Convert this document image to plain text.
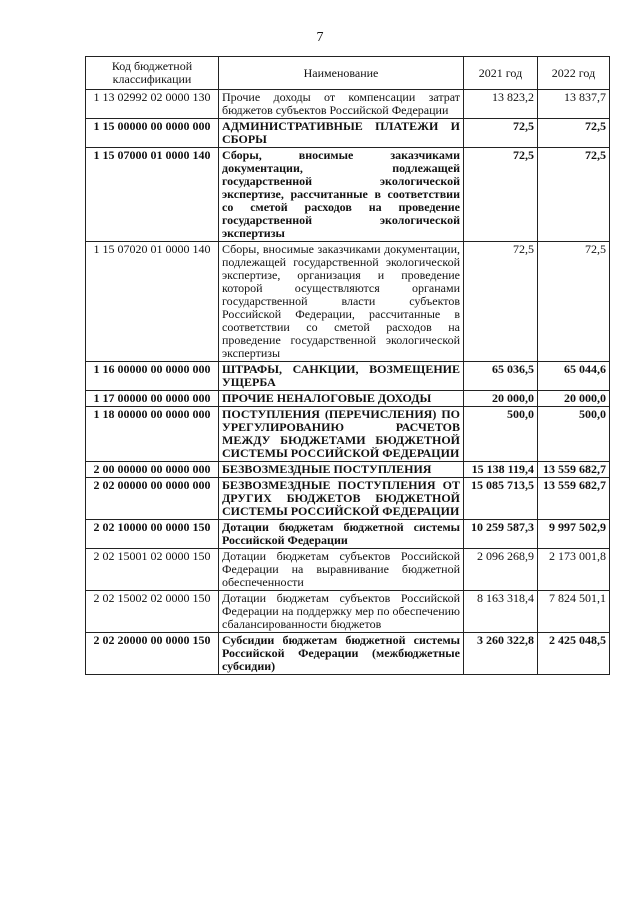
7
Код бюджетной классификации	Наименование	2021 год	2022 год
1 13 02992 02 0000 130	Прочие доходы от компенсации затрат бюджетов субъектов Российской Федерации	13 823,2	13 837,7
1 15 00000 00 0000 000	АДМИНИСТРАТИВНЫЕ ПЛАТЕЖИ И СБОРЫ	72,5	72,5
1 15 07000 01 0000 140	Сборы, вносимые заказчиками документации, подлежащей государственной экологической экспертизе, рассчитанные в соответствии со сметой расходов на проведение государственной экологической экспертизы	72,5	72,5
1 15 07020 01 0000 140	Сборы, вносимые заказчиками документации, подлежащей государственной экологической экспертизе, организация и проведение которой осуществляются органами государственной власти субъектов Российской Федерации, рассчитанные в соответствии со сметой расходов на проведение государственной экологической экспертизы	72,5	72,5
1 16 00000 00 0000 000	ШТРАФЫ, САНКЦИИ, ВОЗМЕЩЕНИЕ УЩЕРБА	65 036,5	65 044,6
1 17 00000 00 0000 000	ПРОЧИЕ НЕНАЛОГОВЫЕ ДОХОДЫ	20 000,0	20 000,0
1 18 00000 00 0000 000	ПОСТУПЛЕНИЯ (ПЕРЕЧИСЛЕНИЯ) ПО УРЕГУЛИРОВАНИЮ РАСЧЕТОВ МЕЖДУ БЮДЖЕТАМИ БЮДЖЕТНОЙ СИСТЕМЫ РОССИЙСКОЙ ФЕДЕРАЦИИ	500,0	500,0
2 00 00000 00 0000 000	БЕЗВОЗМЕЗДНЫЕ ПОСТУПЛЕНИЯ	15 138 119,4	13 559 682,7
2 02 00000 00 0000 000	БЕЗВОЗМЕЗДНЫЕ ПОСТУПЛЕНИЯ ОТ ДРУГИХ БЮДЖЕТОВ БЮДЖЕТНОЙ СИСТЕМЫ РОССИЙСКОЙ ФЕДЕРАЦИИ	15 085 713,5	13 559 682,7
2 02 10000 00 0000 150	Дотации бюджетам бюджетной системы Российской Федерации	10 259 587,3	9 997 502,9
2 02 15001 02 0000 150	Дотации бюджетам субъектов Российской Федерации на выравнивание бюджетной обеспеченности	2 096 268,9	2 173 001,8
2 02 15002 02 0000 150	Дотации бюджетам субъектов Российской Федерации на поддержку мер по обеспечению сбалансированности бюджетов	8 163 318,4	7 824 501,1
2 02 20000 00 0000 150	Субсидии бюджетам бюджетной системы Российской Федерации (межбюджетные субсидии)	3 260 322,8	2 425 048,5
